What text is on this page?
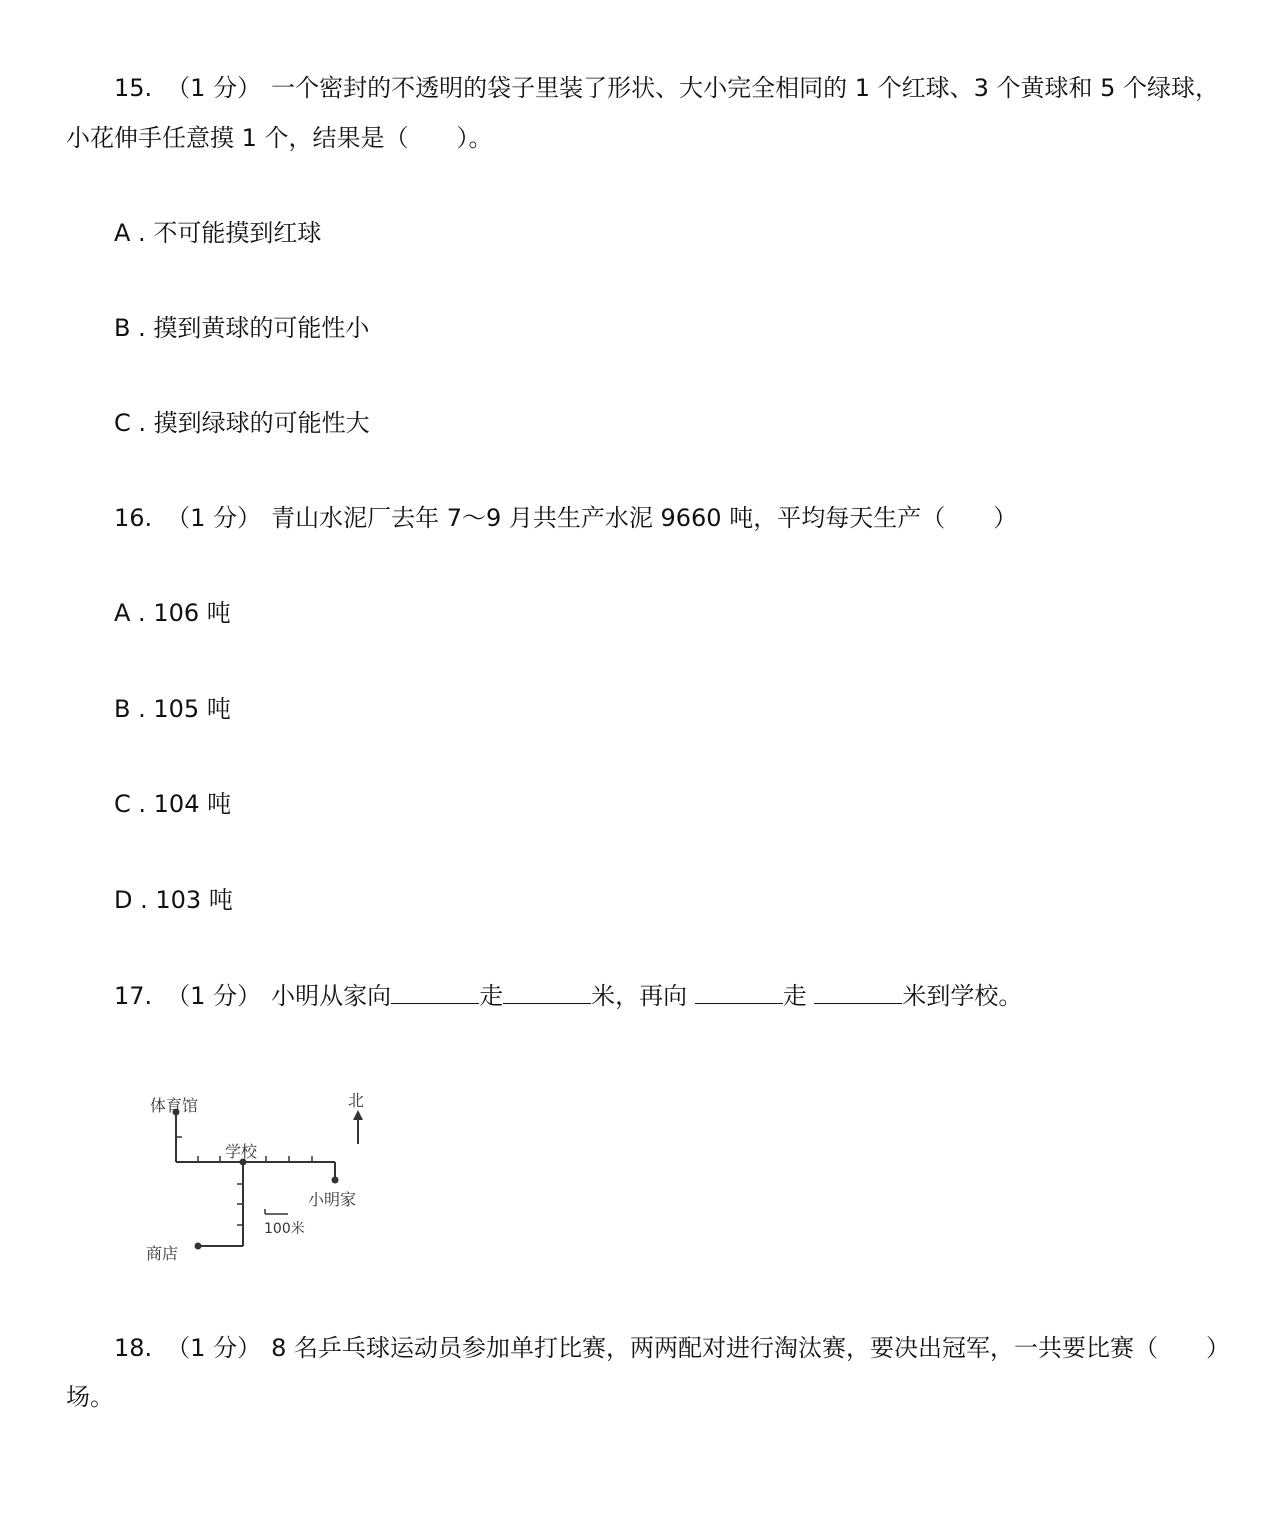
15. （1 分） 一个密封的不透明的袋子里装了形状、大小完全相同的 1 个红球、3 个黄球和 5 个绿球，
小花伸手任意摸 1 个，结果是（　　）。
A . 不可能摸到红球
B . 摸到黄球的可能性小
C . 摸到绿球的可能性大
16. （1 分） 青山水泥厂去年 7～9 月共生产水泥 9660 吨，平均每天生产（　　）
A . 106 吨
B . 105 吨
C . 104 吨
D . 103 吨
17. （1 分） 小明从家向	走	米，再向	走	米到学校。
体育馆
学校
北
小明家
100米
商店
18. （1 分） 8 名乒乓球运动员参加单打比赛，两两配对进行淘汰赛，要决出冠军，一共要比赛（　　）
场。
